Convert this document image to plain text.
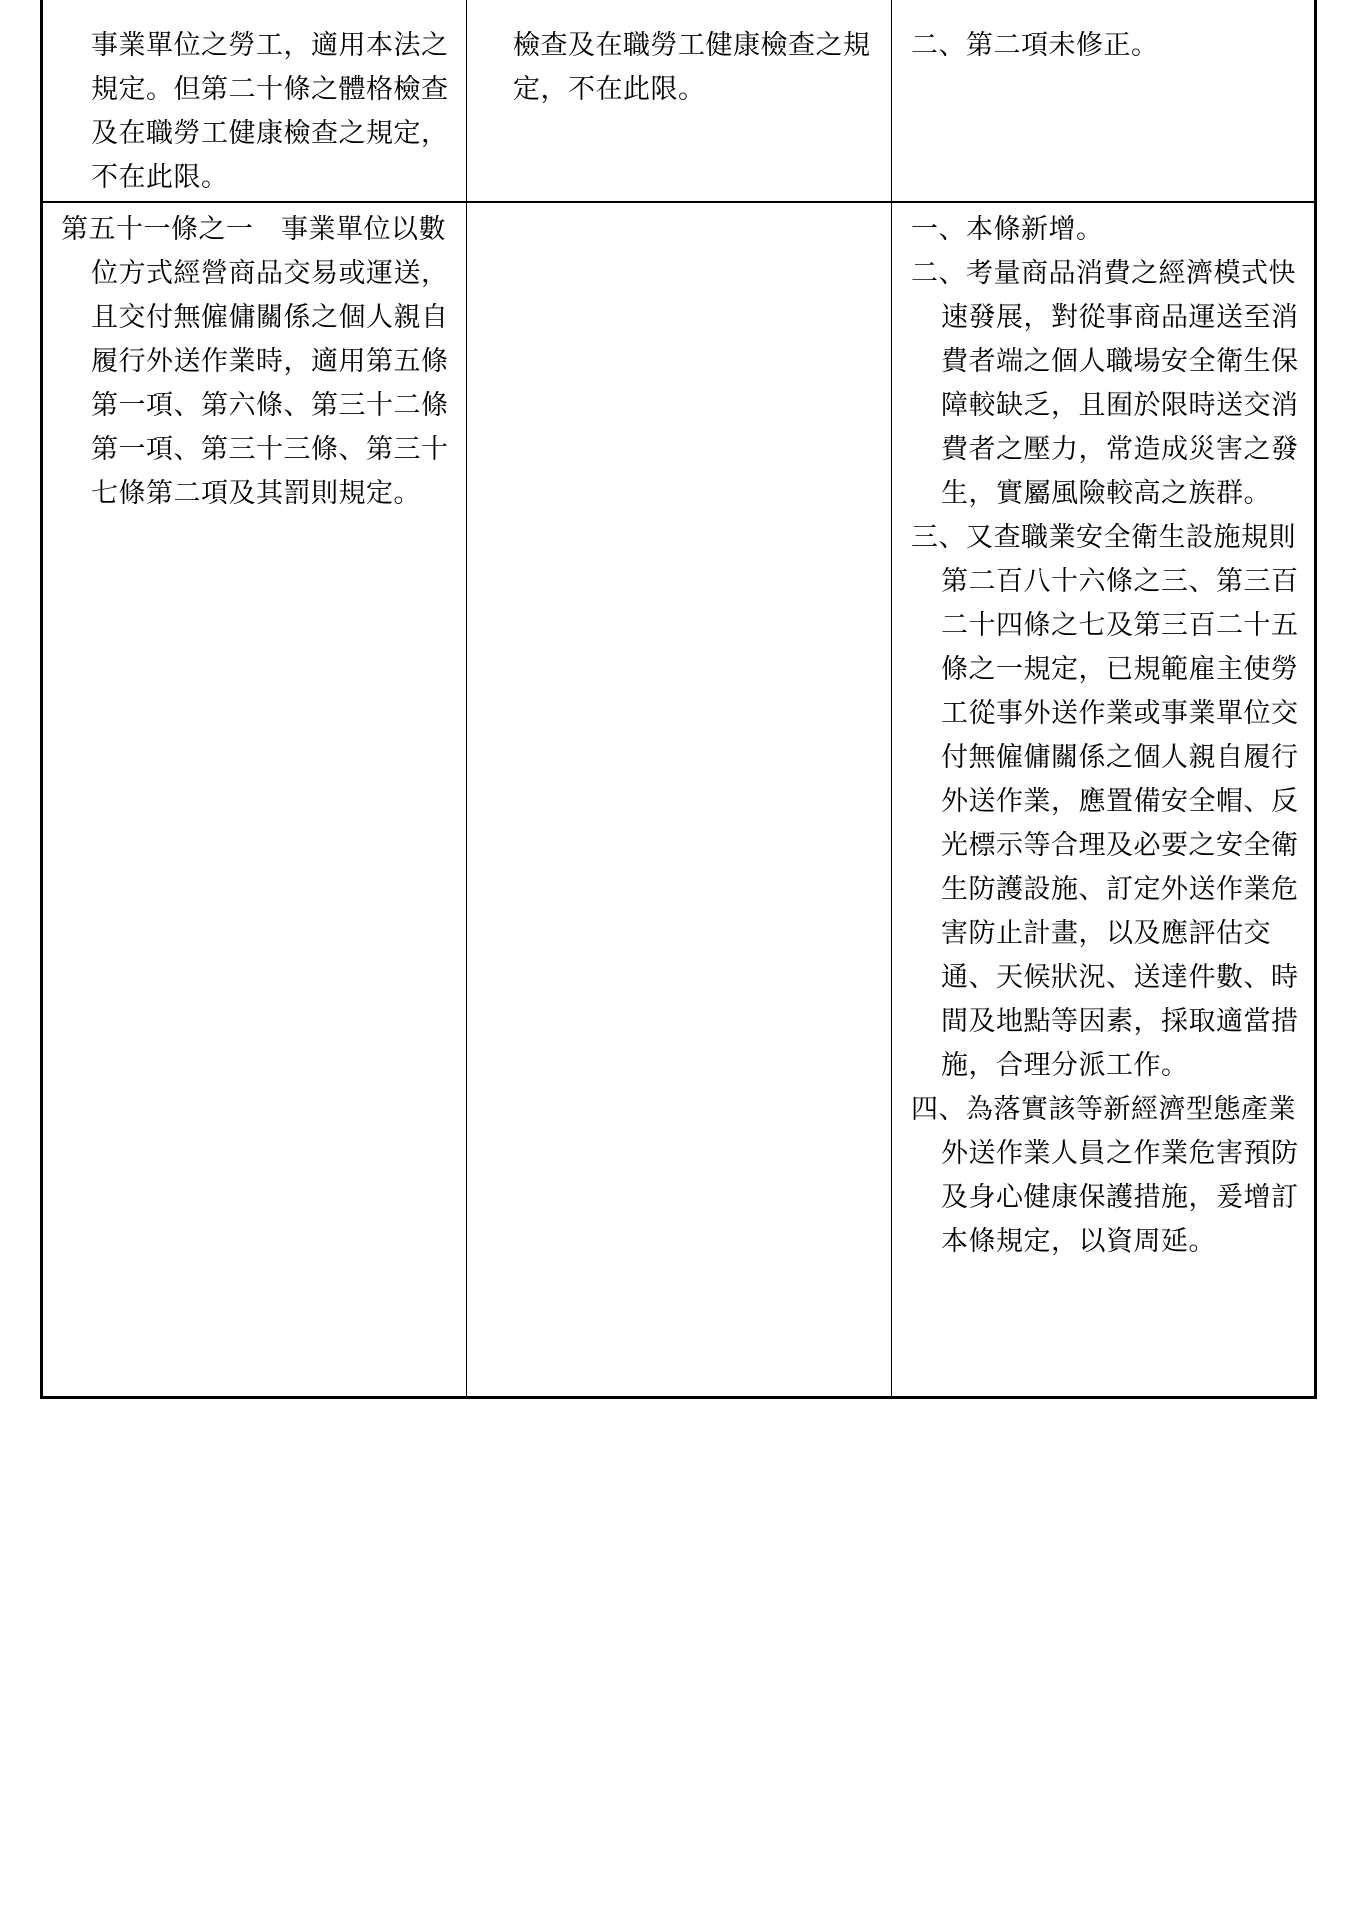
事業單位之勞工，適用本法之規定。但第二十條之體格檢查及在職勞工健康檢查之規定，不在此限。

檢查及在職勞工健康檢查之規定，不在此限。

二、第二項未修正。

第五十一條之一　事業單位以數位方式經營商品交易或運送，且交付無僱傭關係之個人親自履行外送作業時，適用第五條第一項、第六條、第三十二條第一項、第三十三條、第三十七條第二項及其罰則規定。

一、本條新增。

二、考量商品消費之經濟模式快速發展，對從事商品運送至消費者端之個人職場安全衛生保障較缺乏，且囿於限時送交消費者之壓力，常造成災害之發生，實屬風險較高之族群。

三、又查職業安全衛生設施規則第二百八十六條之三、第三百二十四條之七及第三百二十五條之一規定，已規範雇主使勞工從事外送作業或事業單位交付無僱傭關係之個人親自履行外送作業，應置備安全帽、反光標示等合理及必要之安全衛生防護設施、訂定外送作業危害防止計畫，以及應評估交通、天候狀況、送達件數、時間及地點等因素，採取適當措施，合理分派工作。

四、為落實該等新經濟型態產業外送作業人員之作業危害預防及身心健康保護措施，爰增訂本條規定，以資周延。
